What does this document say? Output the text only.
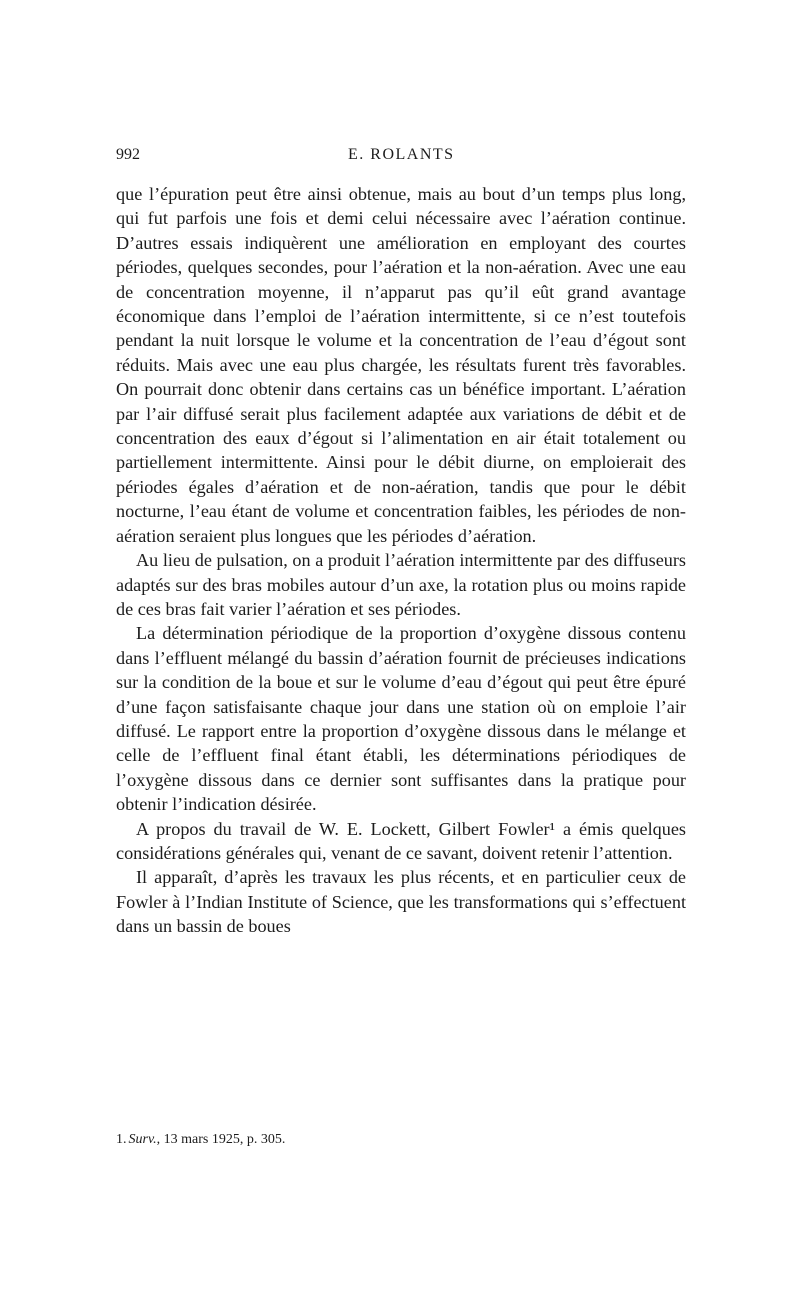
992	E. ROLANTS

que l’épuration peut être ainsi obtenue, mais au bout d’un temps plus long, qui fut parfois une fois et demi celui nécessaire avec l’aération continue. D’autres essais indiquèrent une amélioration en employant des courtes périodes, quelques secondes, pour l’aération et la non-aération. Avec une eau de concentration moyenne, il n’apparut pas qu’il eût grand avantage économique dans l’emploi de l’aération intermittente, si ce n’est toutefois pendant la nuit lorsque le volume et la concentration de l’eau d’égout sont réduits. Mais avec une eau plus chargée, les résultats furent très favorables. On pourrait donc obtenir dans certains cas un bénéfice important. L’aération par l’air diffusé serait plus facilement adaptée aux variations de débit et de concentration des eaux d’égout si l’alimentation en air était totalement ou partiellement intermittente. Ainsi pour le débit diurne, on emploierait des périodes égales d’aération et de non-aération, tandis que pour le débit nocturne, l’eau étant de volume et concentration faibles, les périodes de non-aération seraient plus longues que les périodes d’aération.

Au lieu de pulsation, on a produit l’aération intermittente par des diffuseurs adaptés sur des bras mobiles autour d’un axe, la rotation plus ou moins rapide de ces bras fait varier l’aération et ses périodes.

La détermination périodique de la proportion d’oxygène dissous contenu dans l’effluent mélangé du bassin d’aération fournit de précieuses indications sur la condition de la boue et sur le volume d’eau d’égout qui peut être épuré d’une façon satisfaisante chaque jour dans une station où on emploie l’air diffusé. Le rapport entre la proportion d’oxygène dissous dans le mélange et celle de l’effluent final étant établi, les déterminations périodiques de l’oxygène dissous dans ce dernier sont suffisantes dans la pratique pour obtenir l’indication désirée.

A propos du travail de W. E. Lockett, Gilbert Fowler¹ a émis quelques considérations générales qui, venant de ce savant, doivent retenir l’attention.

Il apparaît, d’après les travaux les plus récents, et en particulier ceux de Fowler à l’Indian Institute of Science, que les transformations qui s’effectuent dans un bassin de boues

1. Surv., 13 mars 1925, p. 305.
